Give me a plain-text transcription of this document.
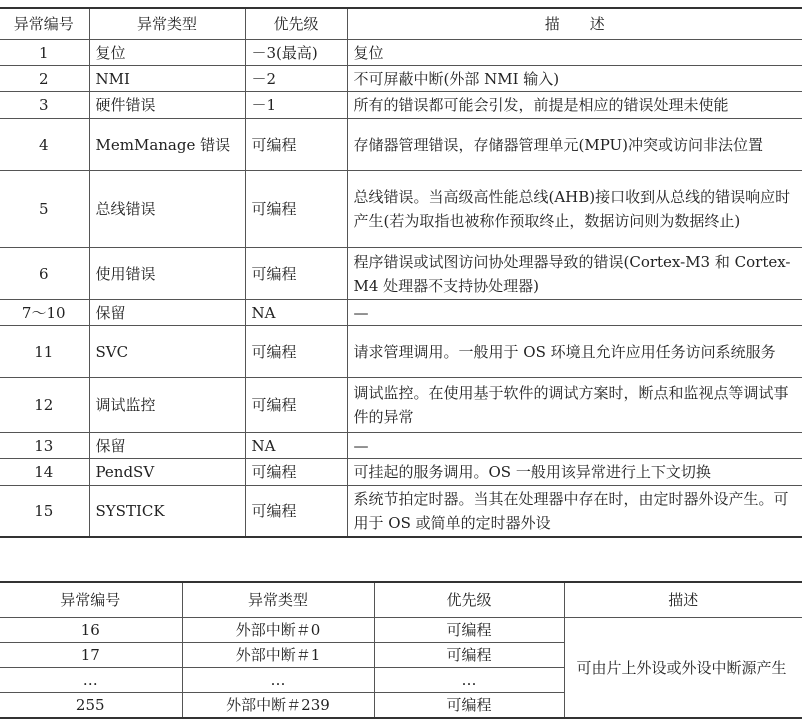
异常编号	异常类型	优先级	描　　述
1	复位	－3(最高)	复位
2	NMI	－2	不可屏蔽中断(外部 NMI 输入)
3	硬件错误	－1	所有的错误都可能会引发，前提是相应的错误处理未使能
4	MemManage 错误	可编程	存储器管理错误，存储器管理单元(MPU)冲突或访问非法位置
5	总线错误	可编程	总线错误。当高级高性能总线(AHB)接口收到从总线的错误响应时产生(若为取指也被称作预取终止，数据访问则为数据终止)
6	使用错误	可编程	程序错误或试图访问协处理器导致的错误(Cortex-M3 和 Cortex-M4 处理器不支持协处理器)
7～10	保留	NA	—
11	SVC	可编程	请求管理调用。一般用于 OS 环境且允许应用任务访问系统服务
12	调试监控	可编程	调试监控。在使用基于软件的调试方案时，断点和监视点等调试事件的异常
13	保留	NA	—
14	PendSV	可编程	可挂起的服务调用。OS 一般用该异常进行上下文切换
15	SYSTICK	可编程	系统节拍定时器。当其在处理器中存在时，由定时器外设产生。可用于 OS 或简单的定时器外设
异常编号	异常类型	优先级	描述
16	外部中断＃0	可编程	可由片上外设或外设中断源产生
17	外部中断＃1	可编程	
…	…	…	
255	外部中断＃239	可编程	
